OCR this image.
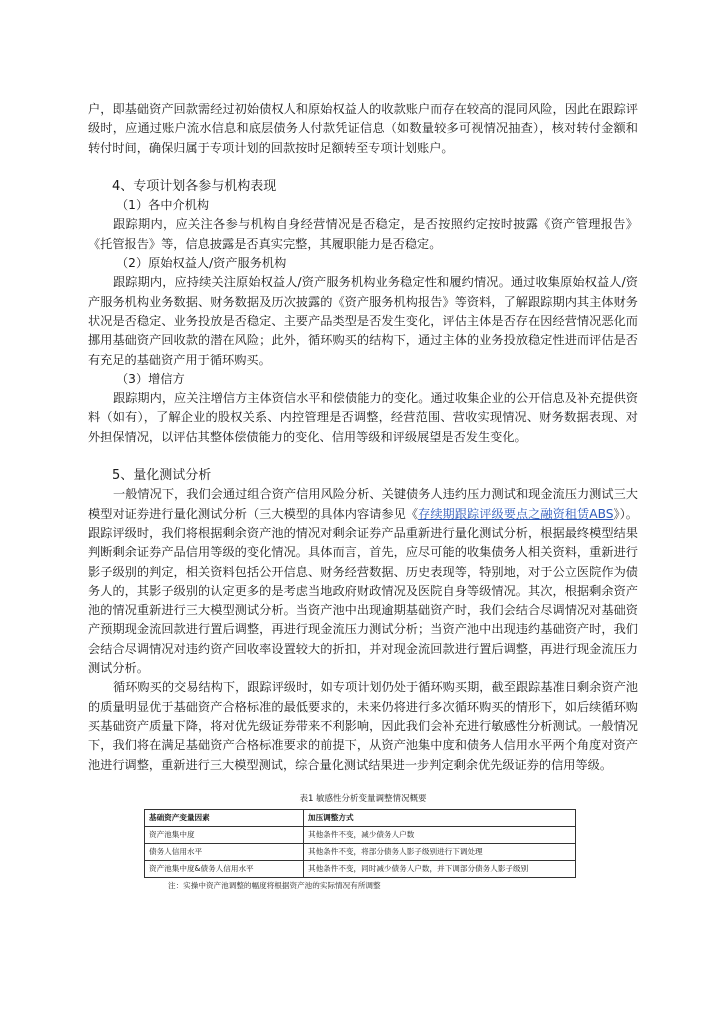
户，即基础资产回款需经过初始债权人和原始权益人的收款账户而存在较高的混同风险，因此在跟踪评级时，应通过账户流水信息和底层债务人付款凭证信息（如数量较多可视情况抽查），核对转付金额和转付时间，确保归属于专项计划的回款按时足额转至专项计划账户。

4、专项计划各参与机构表现

（1）各中介机构

跟踪期内，应关注各参与机构自身经营情况是否稳定，是否按照约定按时披露《资产管理报告》《托管报告》等，信息披露是否真实完整，其履职能力是否稳定。

（2）原始权益人/资产服务机构

跟踪期内，应持续关注原始权益人/资产服务机构业务稳定性和履约情况。通过收集原始权益人/资产服务机构业务数据、财务数据及历次披露的《资产服务机构报告》等资料，了解跟踪期内其主体财务状况是否稳定、业务投放是否稳定、主要产品类型是否发生变化，评估主体是否存在因经营情况恶化而挪用基础资产回收款的潜在风险；此外，循环购买的结构下，通过主体的业务投放稳定性进而评估是否有充足的基础资产用于循环购买。

（3）增信方

跟踪期内，应关注增信方主体资信水平和偿债能力的变化。通过收集企业的公开信息及补充提供资料（如有），了解企业的股权关系、内控管理是否调整，经营范围、营收实现情况、财务数据表现、对外担保情况，以评估其整体偿债能力的变化、信用等级和评级展望是否发生变化。

5、量化测试分析

一般情况下，我们会通过组合资产信用风险分析、关键债务人违约压力测试和现金流压力测试三大模型对证券进行量化测试分析（三大模型的具体内容请参见《存续期跟踪评级要点之融资租赁ABS》）。跟踪评级时，我们将根据剩余资产池的情况对剩余证券产品重新进行量化测试分析，根据最终模型结果判断剩余证券产品信用等级的变化情况。具体而言，首先，应尽可能的收集债务人相关资料，重新进行影子级别的判定，相关资料包括公开信息、财务经营数据、历史表现等，特别地，对于公立医院作为债务人的，其影子级别的认定更多的是考虑当地政府财政情况及医院自身等级情况。其次，根据剩余资产池的情况重新进行三大模型测试分析。当资产池中出现逾期基础资产时，我们会结合尽调情况对基础资产预期现金流回款进行置后调整，再进行现金流压力测试分析；当资产池中出现违约基础资产时，我们会结合尽调情况对违约资产回收率设置较大的折扣，并对现金流回款进行置后调整，再进行现金流压力测试分析。

循环购买的交易结构下，跟踪评级时，如专项计划仍处于循环购买期，截至跟踪基准日剩余资产池的质量明显优于基础资产合格标准的最低要求的，未来仍将进行多次循环购买的情形下，如后续循环购买基础资产质量下降，将对优先级证券带来不利影响，因此我们会补充进行敏感性分析测试。一般情况下，我们将在满足基础资产合格标准要求的前提下，从资产池集中度和债务人信用水平两个角度对资产池进行调整，重新进行三大模型测试，综合量化测试结果进一步判定剩余优先级证券的信用等级。

表1 敏感性分析变量调整情况概要
基础资产变量因素	加压调整方式
资产池集中度	其他条件不变，减少债务人户数
债务人信用水平	其他条件不变，将部分债务人影子级别进行下调处理
资产池集中度&债务人信用水平	其他条件不变，同时减少债务人户数，并下调部分债务人影子级别
注：实操中资产池调整的幅度将根据资产池的实际情况有所调整
